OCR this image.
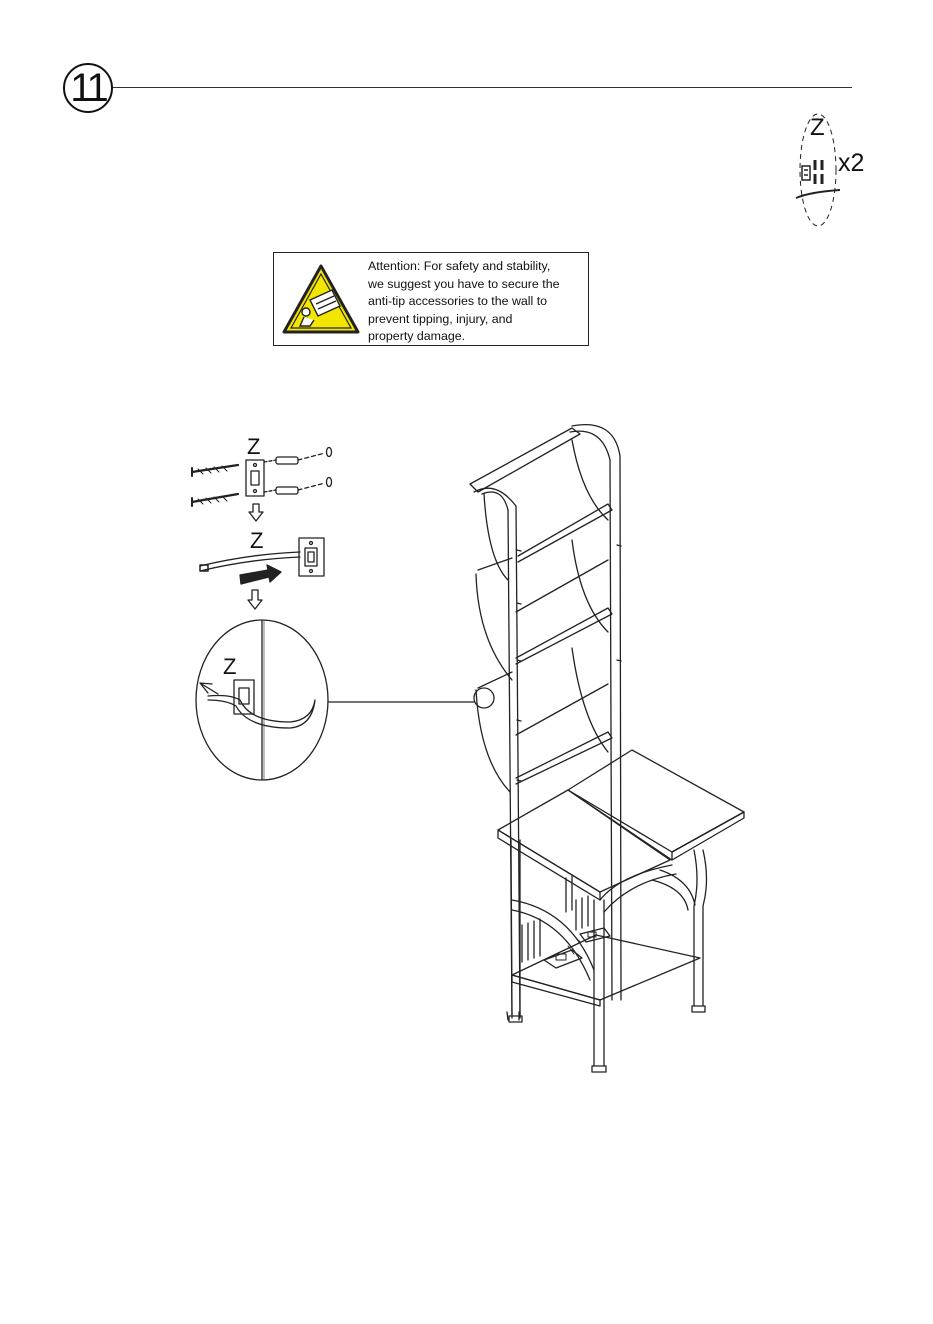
11
Z
x2
Attention: For safety and stability,
we suggest you have to secure the
anti-tip accessories to the wall to
prevent tipping, injury, and
property damage.
Z
Z
Z
